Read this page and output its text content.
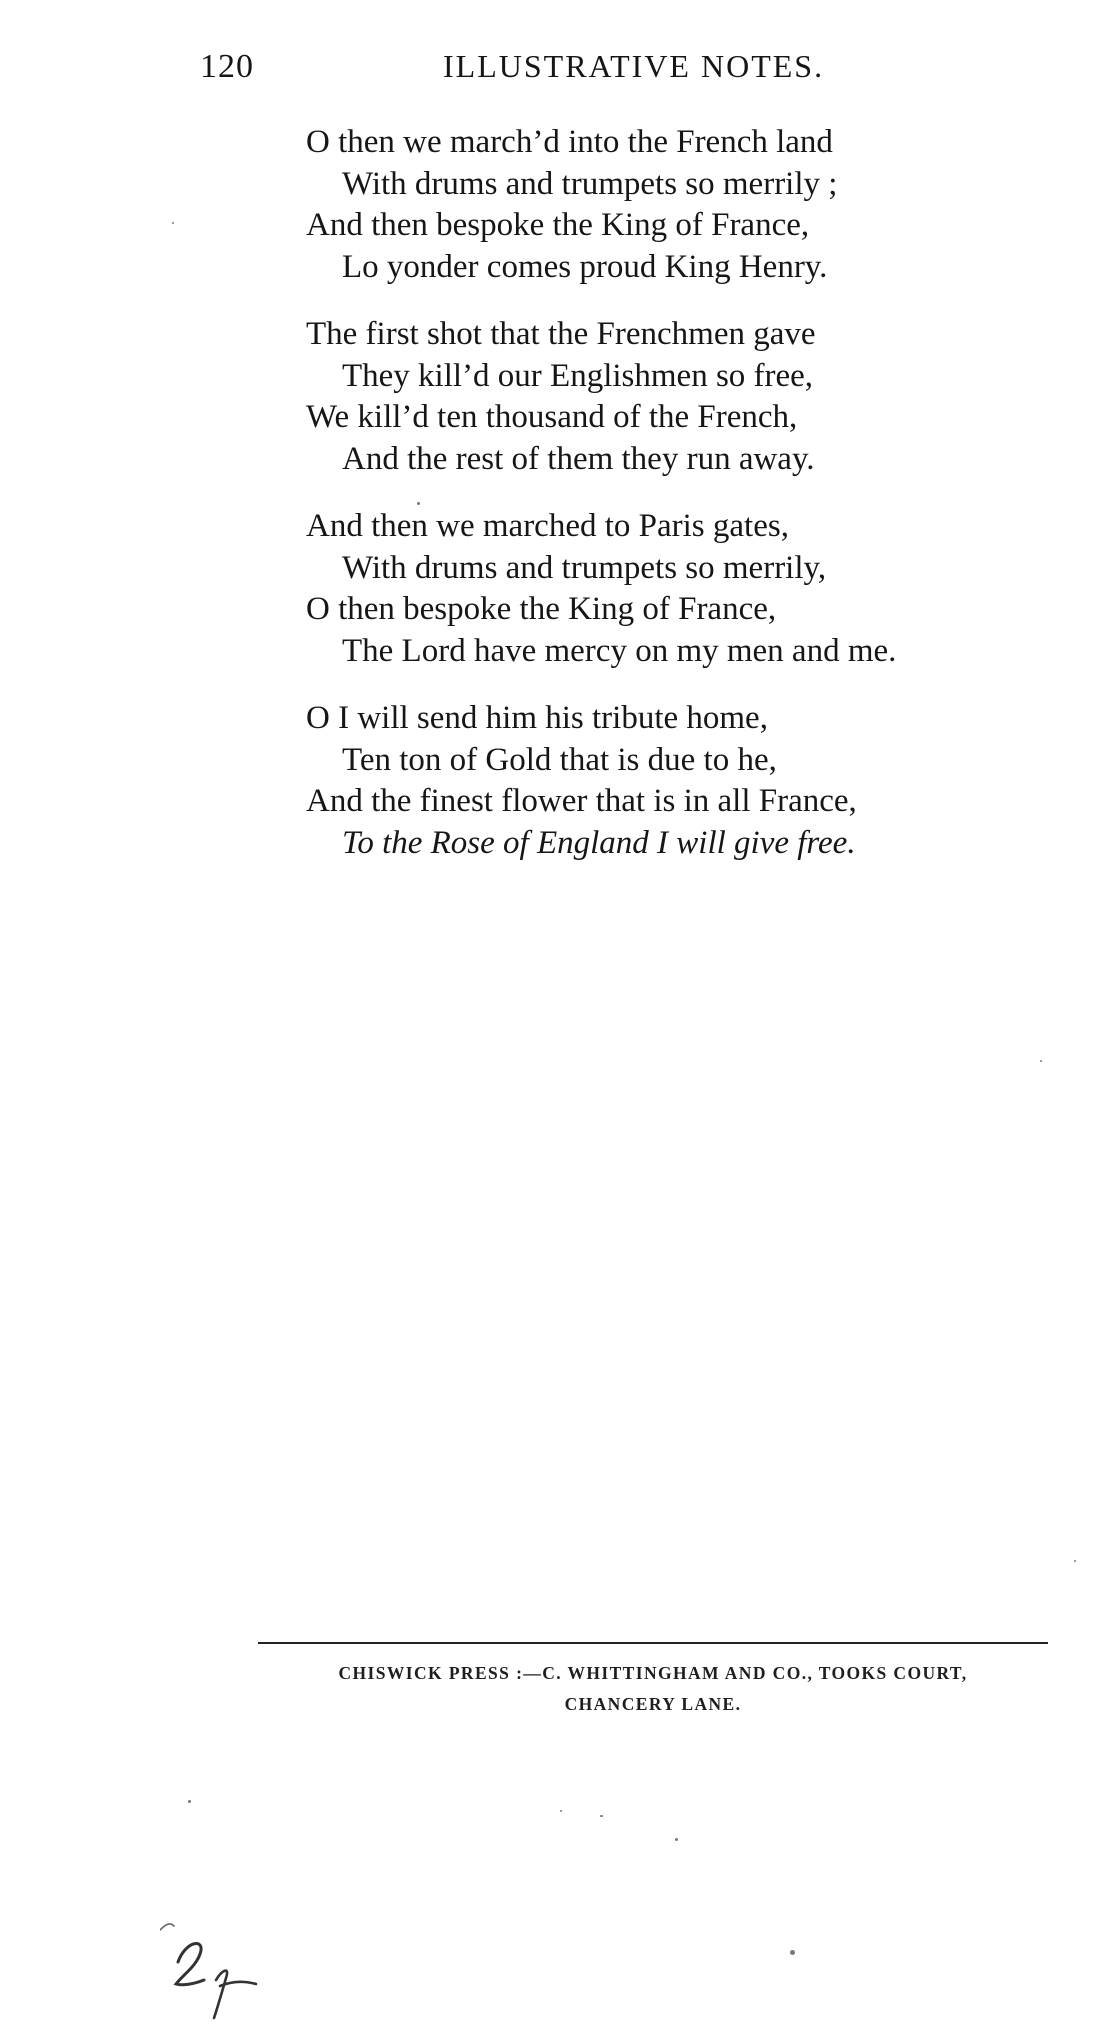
120	ILLUSTRATIVE NOTES.
O then we march’d into the French land
With drums and trumpets so merrily ;
And then bespoke the King of France,
Lo yonder comes proud King Henry.
The first shot that the Frenchmen gave
They kill’d our Englishmen so free,
We kill’d ten thousand of the French,
And the rest of them they run away.
And then we marched to Paris gates,
With drums and trumpets so merrily,
O then bespoke the King of France,
The Lord have mercy on my men and me.
O I will send him his tribute home,
Ten ton of Gold that is due to he,
And the finest flower that is in all France,
To the Rose of England I will give free.
CHISWICK PRESS :—C. WHITTINGHAM AND CO., TOOKS COURT,
CHANCERY LANE.
